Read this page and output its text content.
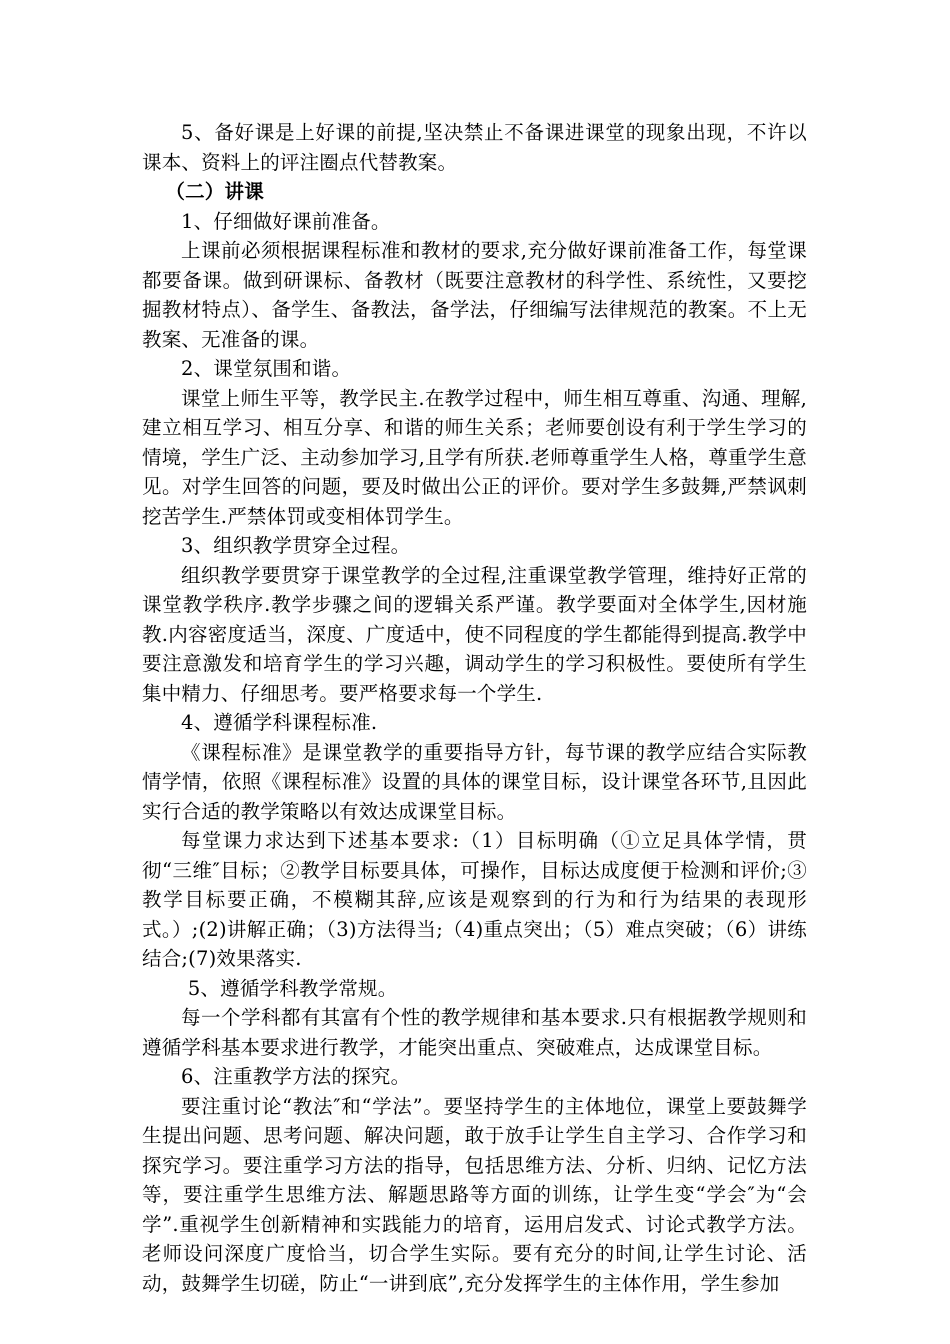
5、备好课是上好课的前提,坚决禁止不备课进课堂的现象出现，不许以课本、资料上的评注圈点代替教案。

（二）讲课

1、仔细做好课前准备。

上课前必须根据课程标准和教材的要求,充分做好课前准备工作，每堂课都要备课。做到研课标、备教材（既要注意教材的科学性、系统性，又要挖掘教材特点）、备学生、备教法，备学法，仔细编写法律规范的教案。不上无教案、无准备的课。

2、课堂氛围和谐。

课堂上师生平等，教学民主.在教学过程中，师生相互尊重、沟通、理解,建立相互学习、相互分享、和谐的师生关系；老师要创设有利于学生学习的情境，学生广泛、主动参加学习,且学有所获.老师尊重学生人格，尊重学生意见。对学生回答的问题，要及时做出公正的评价。要对学生多鼓舞,严禁讽刺挖苦学生.严禁体罚或变相体罚学生。

3、组织教学贯穿全过程。

组织教学要贯穿于课堂教学的全过程,注重课堂教学管理，维持好正常的课堂教学秩序.教学步骤之间的逻辑关系严谨。教学要面对全体学生,因材施教.内容密度适当，深度、广度适中，使不同程度的学生都能得到提高.教学中要注意激发和培育学生的学习兴趣，调动学生的学习积极性。要使所有学生集中精力、仔细思考。要严格要求每一个学生.

4、遵循学科课程标准.

《课程标准》是课堂教学的重要指导方针，每节课的教学应结合实际教情学情，依照《课程标准》设置的具体的课堂目标，设计课堂各环节,且因此实行合适的教学策略以有效达成课堂目标。

每堂课力求达到下述基本要求:（1）目标明确（①立足具体学情，贯彻“三维″目标；②教学目标要具体，可操作，目标达成度便于检测和评价;③ 教学目标要正确，不模糊其辞,应该是观察到的行为和行为结果的表现形式。）;(2)讲解正确；（3)方法得当;（4)重点突出；（5）难点突破；（6）讲练结合;(7)效果落实.

5、遵循学科教学常规。

每一个学科都有其富有个性的教学规律和基本要求.只有根据教学规则和遵循学科基本要求进行教学，才能突出重点、突破难点，达成课堂目标。

6、注重教学方法的探究。

要注重讨论“教法″和“学法”。要坚持学生的主体地位，课堂上要鼓舞学生提出问题、思考问题、解决问题，敢于放手让学生自主学习、合作学习和探究学习。要注重学习方法的指导，包括思维方法、分析、归纳、记忆方法等，要注重学生思维方法、解题思路等方面的训练，让学生变“学会″为“会学”.重视学生创新精神和实践能力的培育，运用启发式、讨论式教学方法。老师设问深度广度恰当，切合学生实际。要有充分的时间,让学生讨论、活动，鼓舞学生切磋，防止“一讲到底”,充分发挥学生的主体作用，学生参加
